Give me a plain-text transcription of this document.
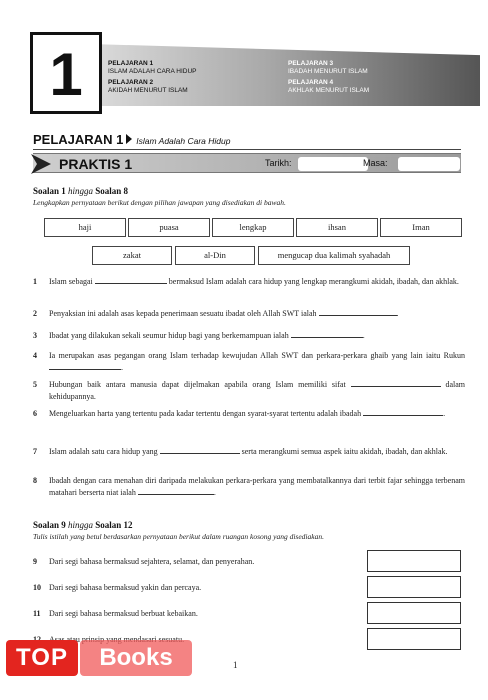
1	PELAJARAN 1
ISLAM ADALAH CARA HIDUP
PELAJARAN 2
AKIDAH MENURUT ISLAM
PELAJARAN 3
IBADAH MENURUT ISLAM
PELAJARAN 4
AKHLAK MENURUT ISLAM
PELAJARAN 1 Islam Adalah Cara Hidup
PRAKTIS 1	Tarikh:	Masa:
Soalan 1 hingga Soalan 8
Lengkapkan pernyataan berikut dengan pilihan jawapan yang disediakan di bawah.
haji	puasa	lengkap	ihsan	Iman
zakat	al-Din	mengucap dua kalimah syahadah
1	Islam sebagai	bermaksud Islam adalah cara hidup yang lengkap merangkumi akidah, ibadah, dan akhlak.
2	Penyaksian ini adalah asas kepada penerimaan sesuatu ibadat oleh Allah SWT ialah	.
3	Ibadat yang dilakukan sekali seumur hidup bagi yang berkemampuan ialah	.
4	Ia merupakan asas pegangan orang Islam terhadap kewujudan Allah SWT dan perkara-perkara ghaib yang lain iaitu Rukun .
5	Hubungan baik antara manusia dapat dijelmakan apabila orang Islam memiliki sifat	dalam kehidupannya.
6	Mengeluarkan harta yang tertentu pada kadar tertentu dengan syarat-syarat tertentu adalah ibadah	.
7	Islam adalah satu cara hidup yang	serta merangkumi semua aspek iaitu akidah, ibadah, dan akhlak.
8	Ibadah dengan cara menahan diri daripada melakukan perkara-perkara yang membatalkannya dari terbit fajar sehingga terbenam matahari berserta niat ialah	.
Soalan 9 hingga Soalan 12
Tulis istilah yang betul berdasarkan pernyataan berikut dalam ruangan kosong yang disediakan.
9	Dari segi bahasa bermaksud sejahtera, selamat, dan penyerahan.
10	Dari segi bahasa bermaksud yakin dan percaya.
11	Dari segi bahasa bermaksud berbuat kebaikan.
1
TOP	Books
